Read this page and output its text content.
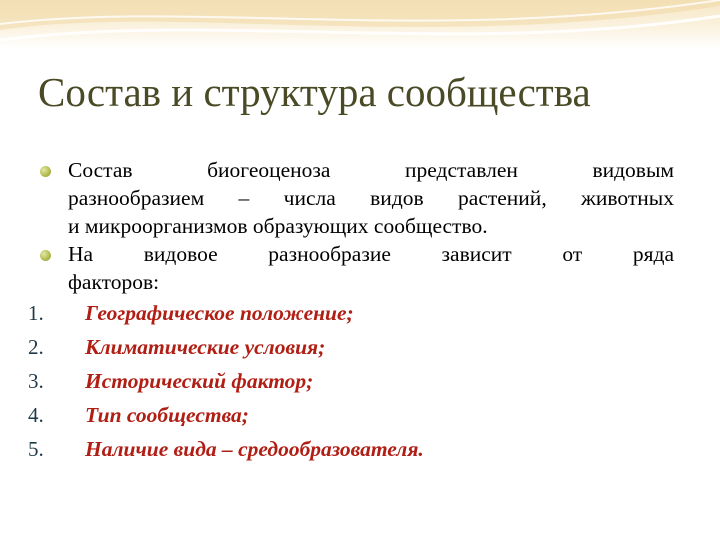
Состав и структура сообщества
Состав биогеоценоза представлен видовым
разнообразием – числа видов растений, животных
и микроорганизмов образующих сообщество.
На видовое разнообразие зависит от ряда
факторов:
1. Географическое положение;
2. Климатические условия;
3. Исторический фактор;
4. Тип сообщества;
5. Наличие вида – средообразователя.
